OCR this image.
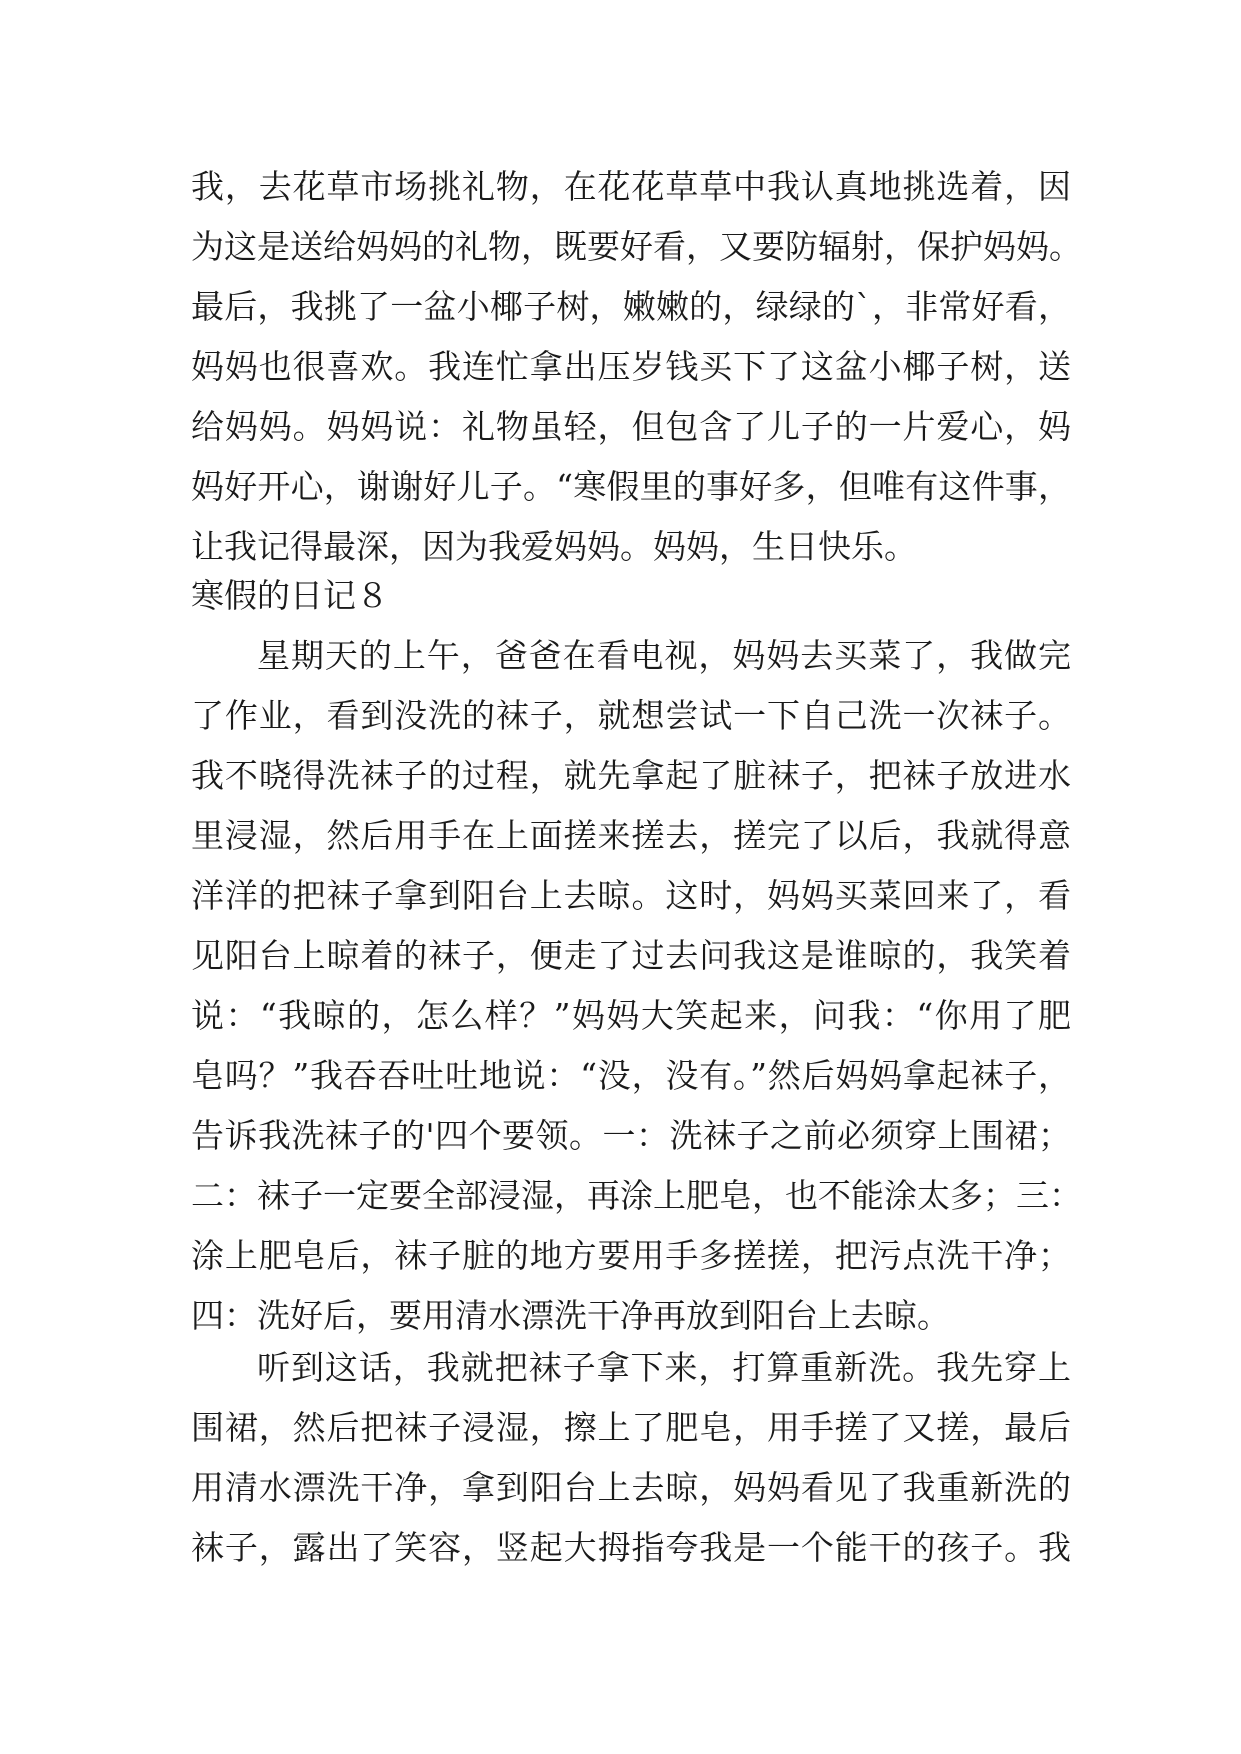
我，去花草市场挑礼物，在花花草草中我认真地挑选着，因
为这是送给妈妈的礼物，既要好看，又要防辐射，保护妈妈。
最后，我挑了一盆小椰子树，嫩嫩的，绿绿的`，非常好看，
妈妈也很喜欢。我连忙拿出压岁钱买下了这盆小椰子树，送
给妈妈。妈妈说：礼物虽轻，但包含了儿子的一片爱心，妈
妈好开心，谢谢好儿子。“寒假里的事好多，但唯有这件事，
让我记得最深，因为我爱妈妈。妈妈，生日快乐。
寒假的日记８
星期天的上午，爸爸在看电视，妈妈去买菜了，我做完
了作业，看到没洗的袜子，就想尝试一下自己洗一次袜子。
我不晓得洗袜子的过程，就先拿起了脏袜子，把袜子放进水
里浸湿，然后用手在上面搓来搓去，搓完了以后，我就得意
洋洋的把袜子拿到阳台上去晾。这时，妈妈买菜回来了，看
见阳台上晾着的袜子，便走了过去问我这是谁晾的，我笑着
说：“我晾的，怎么样？”妈妈大笑起来，问我：“你用了肥
皂吗？”我吞吞吐吐地说：“没，没有。”然后妈妈拿起袜子，
告诉我洗袜子的'四个要领。一：洗袜子之前必须穿上围裙；
二：袜子一定要全部浸湿，再涂上肥皂，也不能涂太多；三：
涂上肥皂后，袜子脏的地方要用手多搓搓，把污点洗干净；
四：洗好后，要用清水漂洗干净再放到阳台上去晾。
听到这话，我就把袜子拿下来，打算重新洗。我先穿上
围裙，然后把袜子浸湿，擦上了肥皂，用手搓了又搓，最后
用清水漂洗干净，拿到阳台上去晾，妈妈看见了我重新洗的
袜子，露出了笑容，竖起大拇指夸我是一个能干的孩子。我
